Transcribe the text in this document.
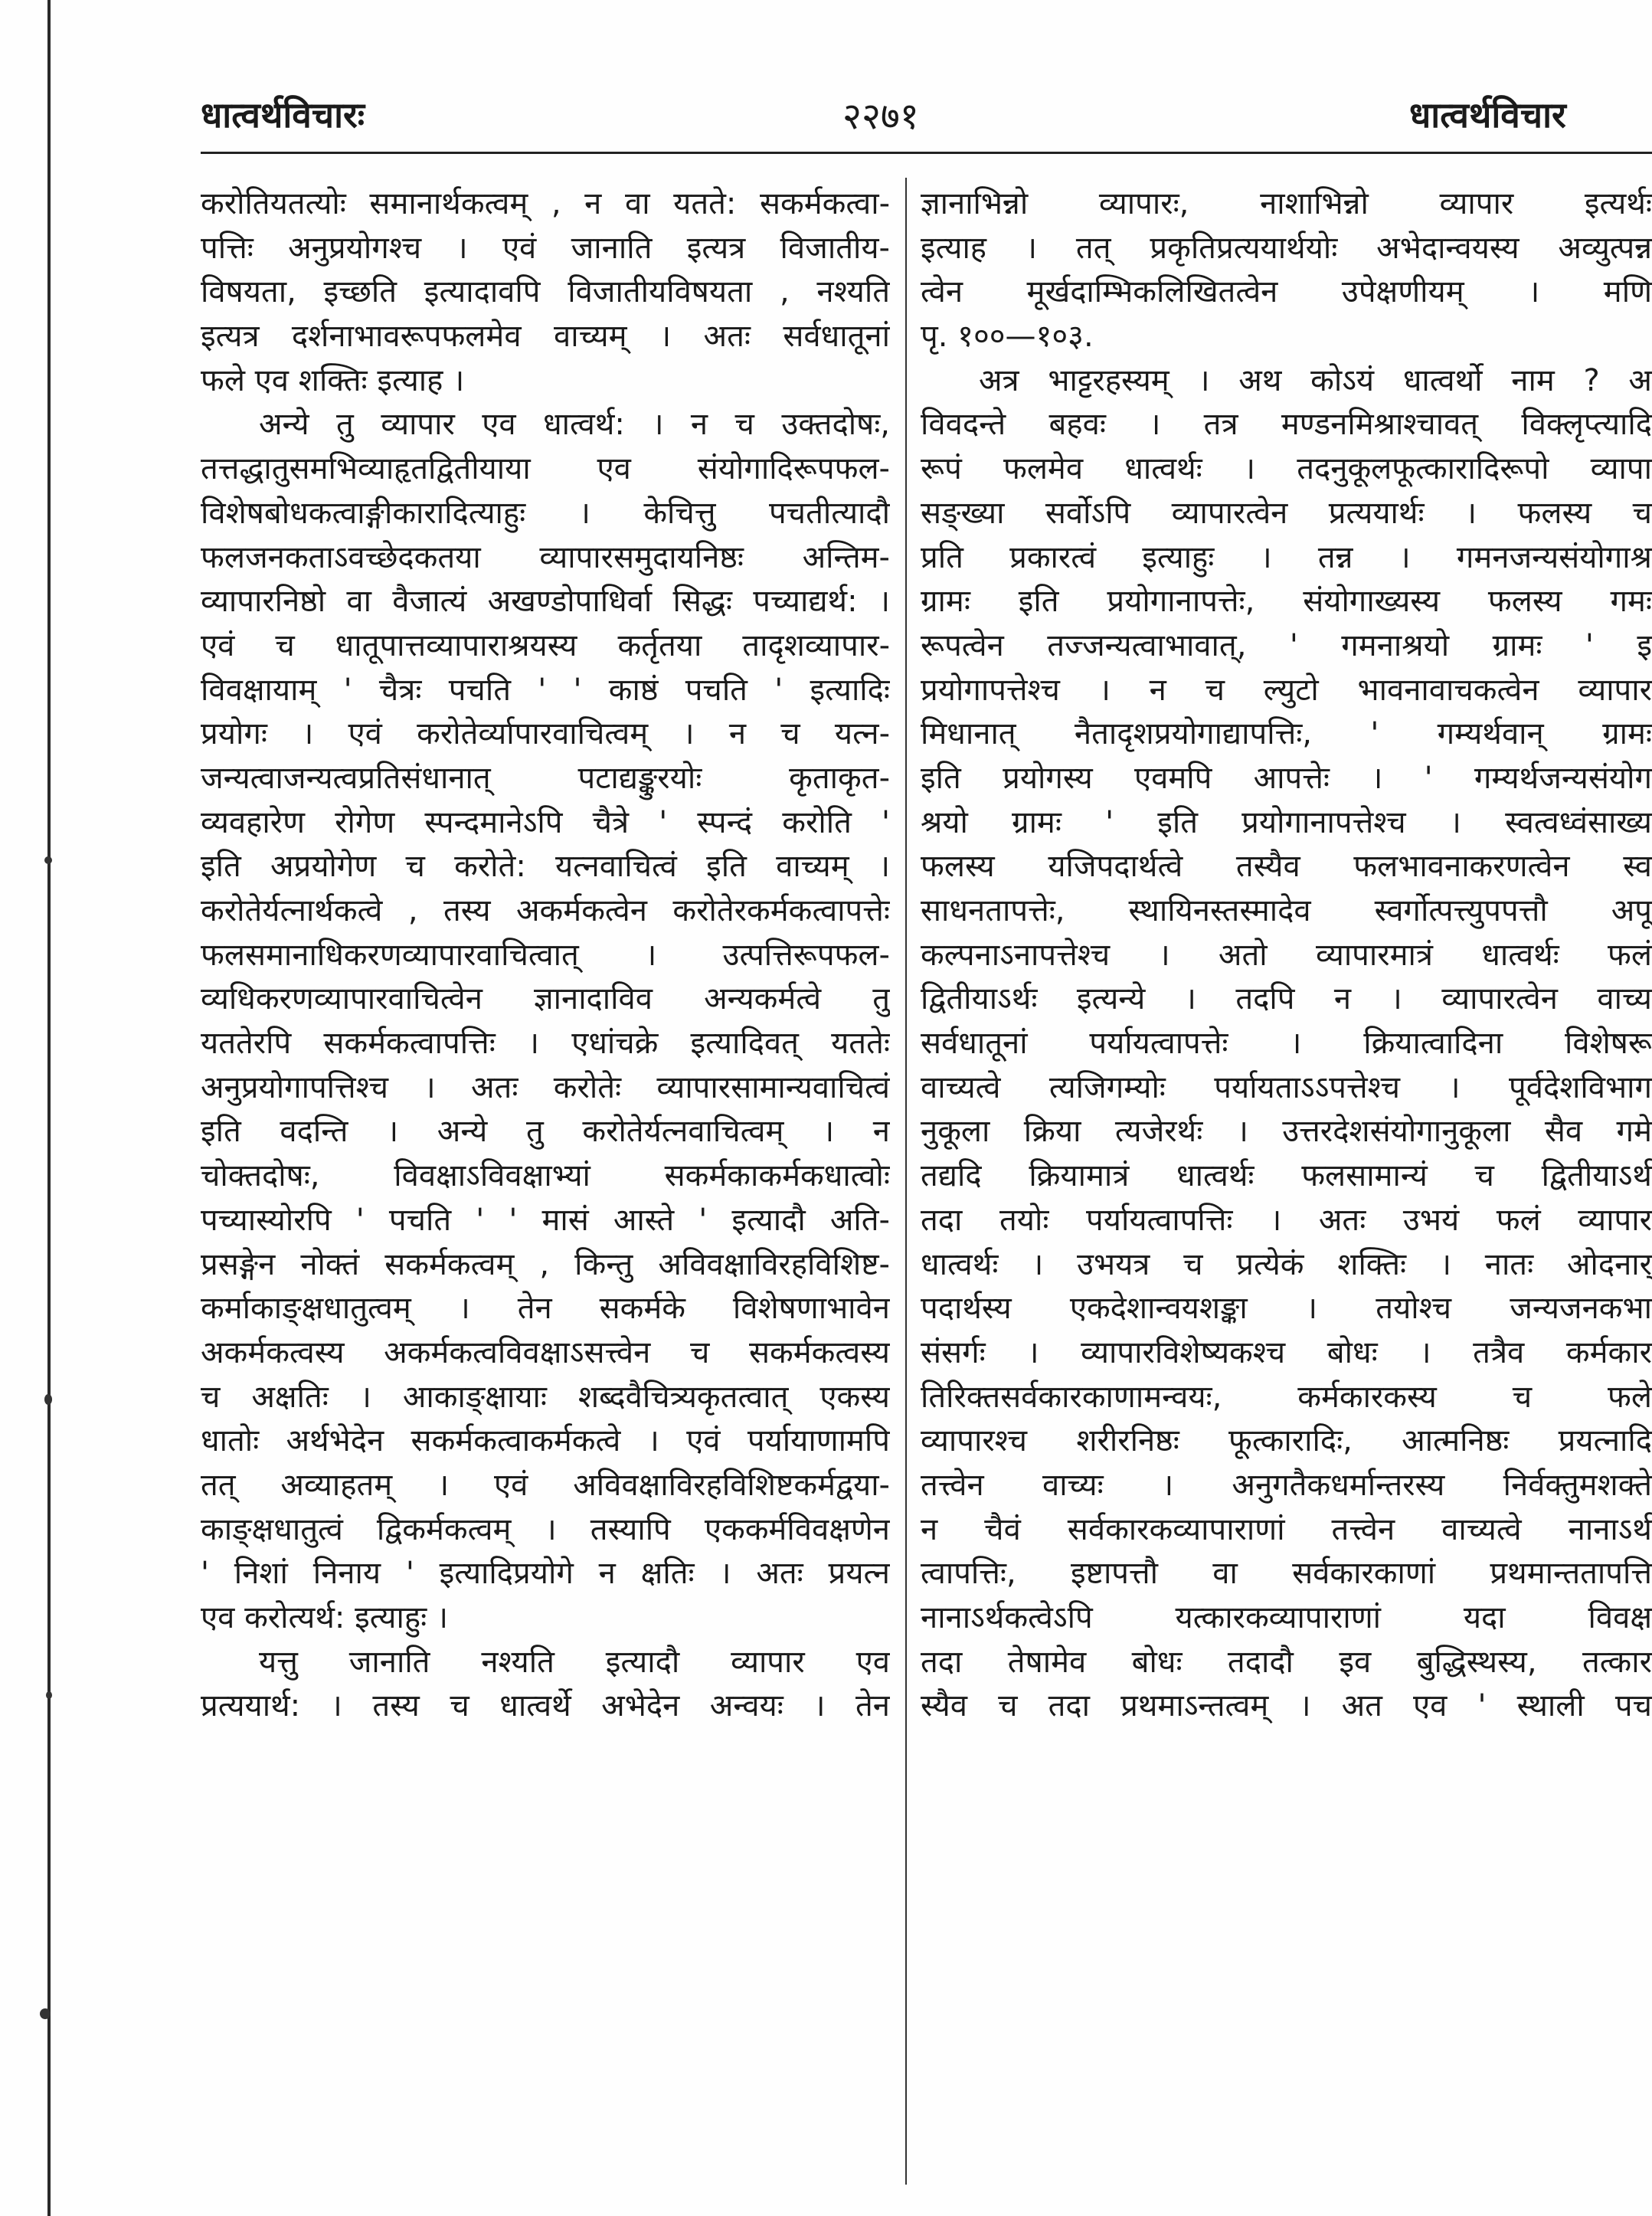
धात्वर्थविचारः	२२७१	धात्वर्थविचार
करोतियतत्योः समानार्थकत्वम् , न वा यतते: सकर्मकत्वा-
पत्तिः अनुप्रयोगश्च । एवं जानाति इत्यत्र विजातीय-
विषयता, इच्छति इत्यादावपि विजातीयविषयता , नश्यति
इत्यत्र दर्शनाभावरूपफलमेव वाच्यम् । अतः सर्वधातूनां
फले एव शक्तिः इत्याह ।
अन्ये तु व्यापार एव धात्वर्थ: । न च उक्तदोषः,
तत्तद्धातुसमभिव्याहृतद्वितीयाया एव संयोगादिरूपफल-
विशेषबोधकत्वाङ्गीकारादित्याहुः । केचित्तु पचतीत्यादौ
फलजनकताऽवच्छेदकतया व्यापारसमुदायनिष्ठः अन्तिम-
व्यापारनिष्ठो वा वैजात्यं अखण्डोपाधिर्वा सिद्धः पच्याद्यर्थ: ।
एवं च धातूपात्तव्यापाराश्रयस्य कर्तृतया तादृशव्यापार-
विवक्षायाम् ' चैत्रः पचति ' ' काष्ठं पचति ' इत्यादिः
प्रयोगः । एवं करोतेर्व्यापारवाचित्वम् । न च यत्न-
जन्यत्वाजन्यत्वप्रतिसंधानात् पटाद्यङ्कुरयोः कृताकृत-
व्यवहारेण रोगेण स्पन्दमानेऽपि चैत्रे ' स्पन्दं करोति '
इति अप्रयोगेण च करोते: यत्नवाचित्वं इति वाच्यम् ।
करोतेर्यत्नार्थकत्वे , तस्य अकर्मकत्वेन करोतेरकर्मकत्वापत्तेः
फलसमानाधिकरणव्यापारवाचित्वात् । उत्पत्तिरूपफल-
व्यधिकरणव्यापारवाचित्वेन ज्ञानादाविव अन्यकर्मत्वे तु
यततेरपि सकर्मकत्वापत्तिः । एधांचक्रे इत्यादिवत् यततेः
अनुप्रयोगापत्तिश्च । अतः करोतेः व्यापारसामान्यवाचित्वं
इति वदन्ति । अन्ये तु करोतेर्यत्नवाचित्वम् । न
चोक्तदोषः, विवक्षाऽविवक्षाभ्यां सकर्मकाकर्मकधात्वोः
पच्यास्योरपि ' पचति ' ' मासं आस्ते ' इत्यादौ अति-
प्रसङ्गेन नोक्तं सकर्मकत्वम् , किन्तु अविवक्षाविरहविशिष्ट-
कर्माकाङ्क्षधातुत्वम् । तेन सकर्मके विशेषणाभावेन
अकर्मकत्वस्य अकर्मकत्वविवक्षाऽसत्त्वेन च सकर्मकत्वस्य
च अक्षतिः । आकाङ्क्षायाः शब्दवैचित्र्यकृतत्वात् एकस्य
धातोः अर्थभेदेन सकर्मकत्वाकर्मकत्वे । एवं पर्यायाणामपि
तत् अव्याहतम् । एवं अविवक्षाविरहविशिष्टकर्मद्वया-
काङ्क्षधातुत्वं द्विकर्मकत्वम् । तस्यापि एककर्मविवक्षणेन
' निशां निनाय ' इत्यादिप्रयोगे न क्षतिः । अतः प्रयत्न
एव करोत्यर्थ: इत्याहुः ।
यत्तु जानाति नश्यति इत्यादौ व्यापार एव
प्रत्ययार्थ: । तस्य च धात्वर्थे अभेदेन अन्वयः । तेन
ज्ञानाभिन्नो व्यापारः, नाशाभिन्नो व्यापार इत्यर्थः
इत्याह । तत् प्रकृतिप्रत्ययार्थयोः अभेदान्वयस्य अव्युत्पन्न
त्वेन मूर्खदाम्भिकलिखितत्वेन उपेक्षणीयम् । मणि
पृ. १००—१०३.
अत्र भाट्टरहस्यम् । अथ कोऽयं धात्वर्थो नाम ? अ
विवदन्ते बहवः । तत्र मण्डनमिश्राश्चावत् विक्लृप्त्यादि
रूपं फलमेव धात्वर्थः । तदनुकूलफूत्कारादिरूपो व्यापा
सङ्ख्या सर्वोऽपि व्यापारत्वेन प्रत्ययार्थः । फलस्य च
प्रति प्रकारत्वं इत्याहुः । तन्न । गमनजन्यसंयोगाश्र
ग्रामः इति प्रयोगानापत्तेः, संयोगाख्यस्य फलस्य गमः
रूपत्वेन तज्जन्यत्वाभावात्, ' गमनाश्रयो ग्रामः ' इ
प्रयोगापत्तेश्च । न च ल्युटो भावनावाचकत्वेन व्यापार
मिधानात् नैतादृशप्रयोगाद्यापत्तिः, ' गम्यर्थवान् ग्रामः
इति प्रयोगस्य एवमपि आपत्तेः । ' गम्यर्थजन्यसंयोग
श्रयो ग्रामः ' इति प्रयोगानापत्तेश्च । स्वत्वध्वंसाख्य
फलस्य यजिपदार्थत्वे तस्यैव फलभावनाकरणत्वेन स्व
साधनतापत्तेः, स्थायिनस्तस्मादेव स्वर्गोत्पत्त्युपपत्तौ अपू
कल्पनाऽनापत्तेश्च । अतो व्यापारमात्रं धात्वर्थः फलं
द्वितीयाऽर्थः इत्यन्ये । तदपि न । व्यापारत्वेन वाच्य
सर्वधातूनां पर्यायत्वापत्तेः । क्रियात्वादिना विशेषरू
वाच्यत्वे त्यजिगम्योः पर्यायताऽऽपत्तेश्च । पूर्वदेशविभाग
नुकूला क्रिया त्यजेरर्थः । उत्तरदेशसंयोगानुकूला सैव गमे
तद्यदि क्रियामात्रं धात्वर्थः फलसामान्यं च द्वितीयाऽर्थ
तदा तयोः पर्यायत्वापत्तिः । अतः उभयं फलं व्यापार
धात्वर्थः । उभयत्र च प्रत्येकं शक्तिः । नातः ओदनार्
पदार्थस्य एकदेशान्वयशङ्का । तयोश्च जन्यजनकभा
संसर्गः । व्यापारविशेष्यकश्च बोधः । तत्रैव कर्मकार
तिरिक्तसर्वकारकाणामन्वयः, कर्मकारकस्य च फले
व्यापारश्च शरीरनिष्ठः फूत्कारादिः, आत्मनिष्ठः प्रयत्नादि
तत्त्वेन वाच्यः । अनुगतैकधर्मान्तरस्य निर्वक्तुमशक्ते
न चैवं सर्वकारकव्यापाराणां तत्त्वेन वाच्यत्वे नानाऽर्थ
त्वापत्तिः, इष्टापत्तौ वा सर्वकारकाणां प्रथमान्ततापत्ति
नानाऽर्थकत्वेऽपि यत्कारकव्यापाराणां यदा विवक्ष
तदा तेषामेव बोधः तदादौ इव बुद्धिस्थस्य, तत्कार
स्यैव च तदा प्रथमाऽन्तत्वम् । अत एव ' स्थाली पच
